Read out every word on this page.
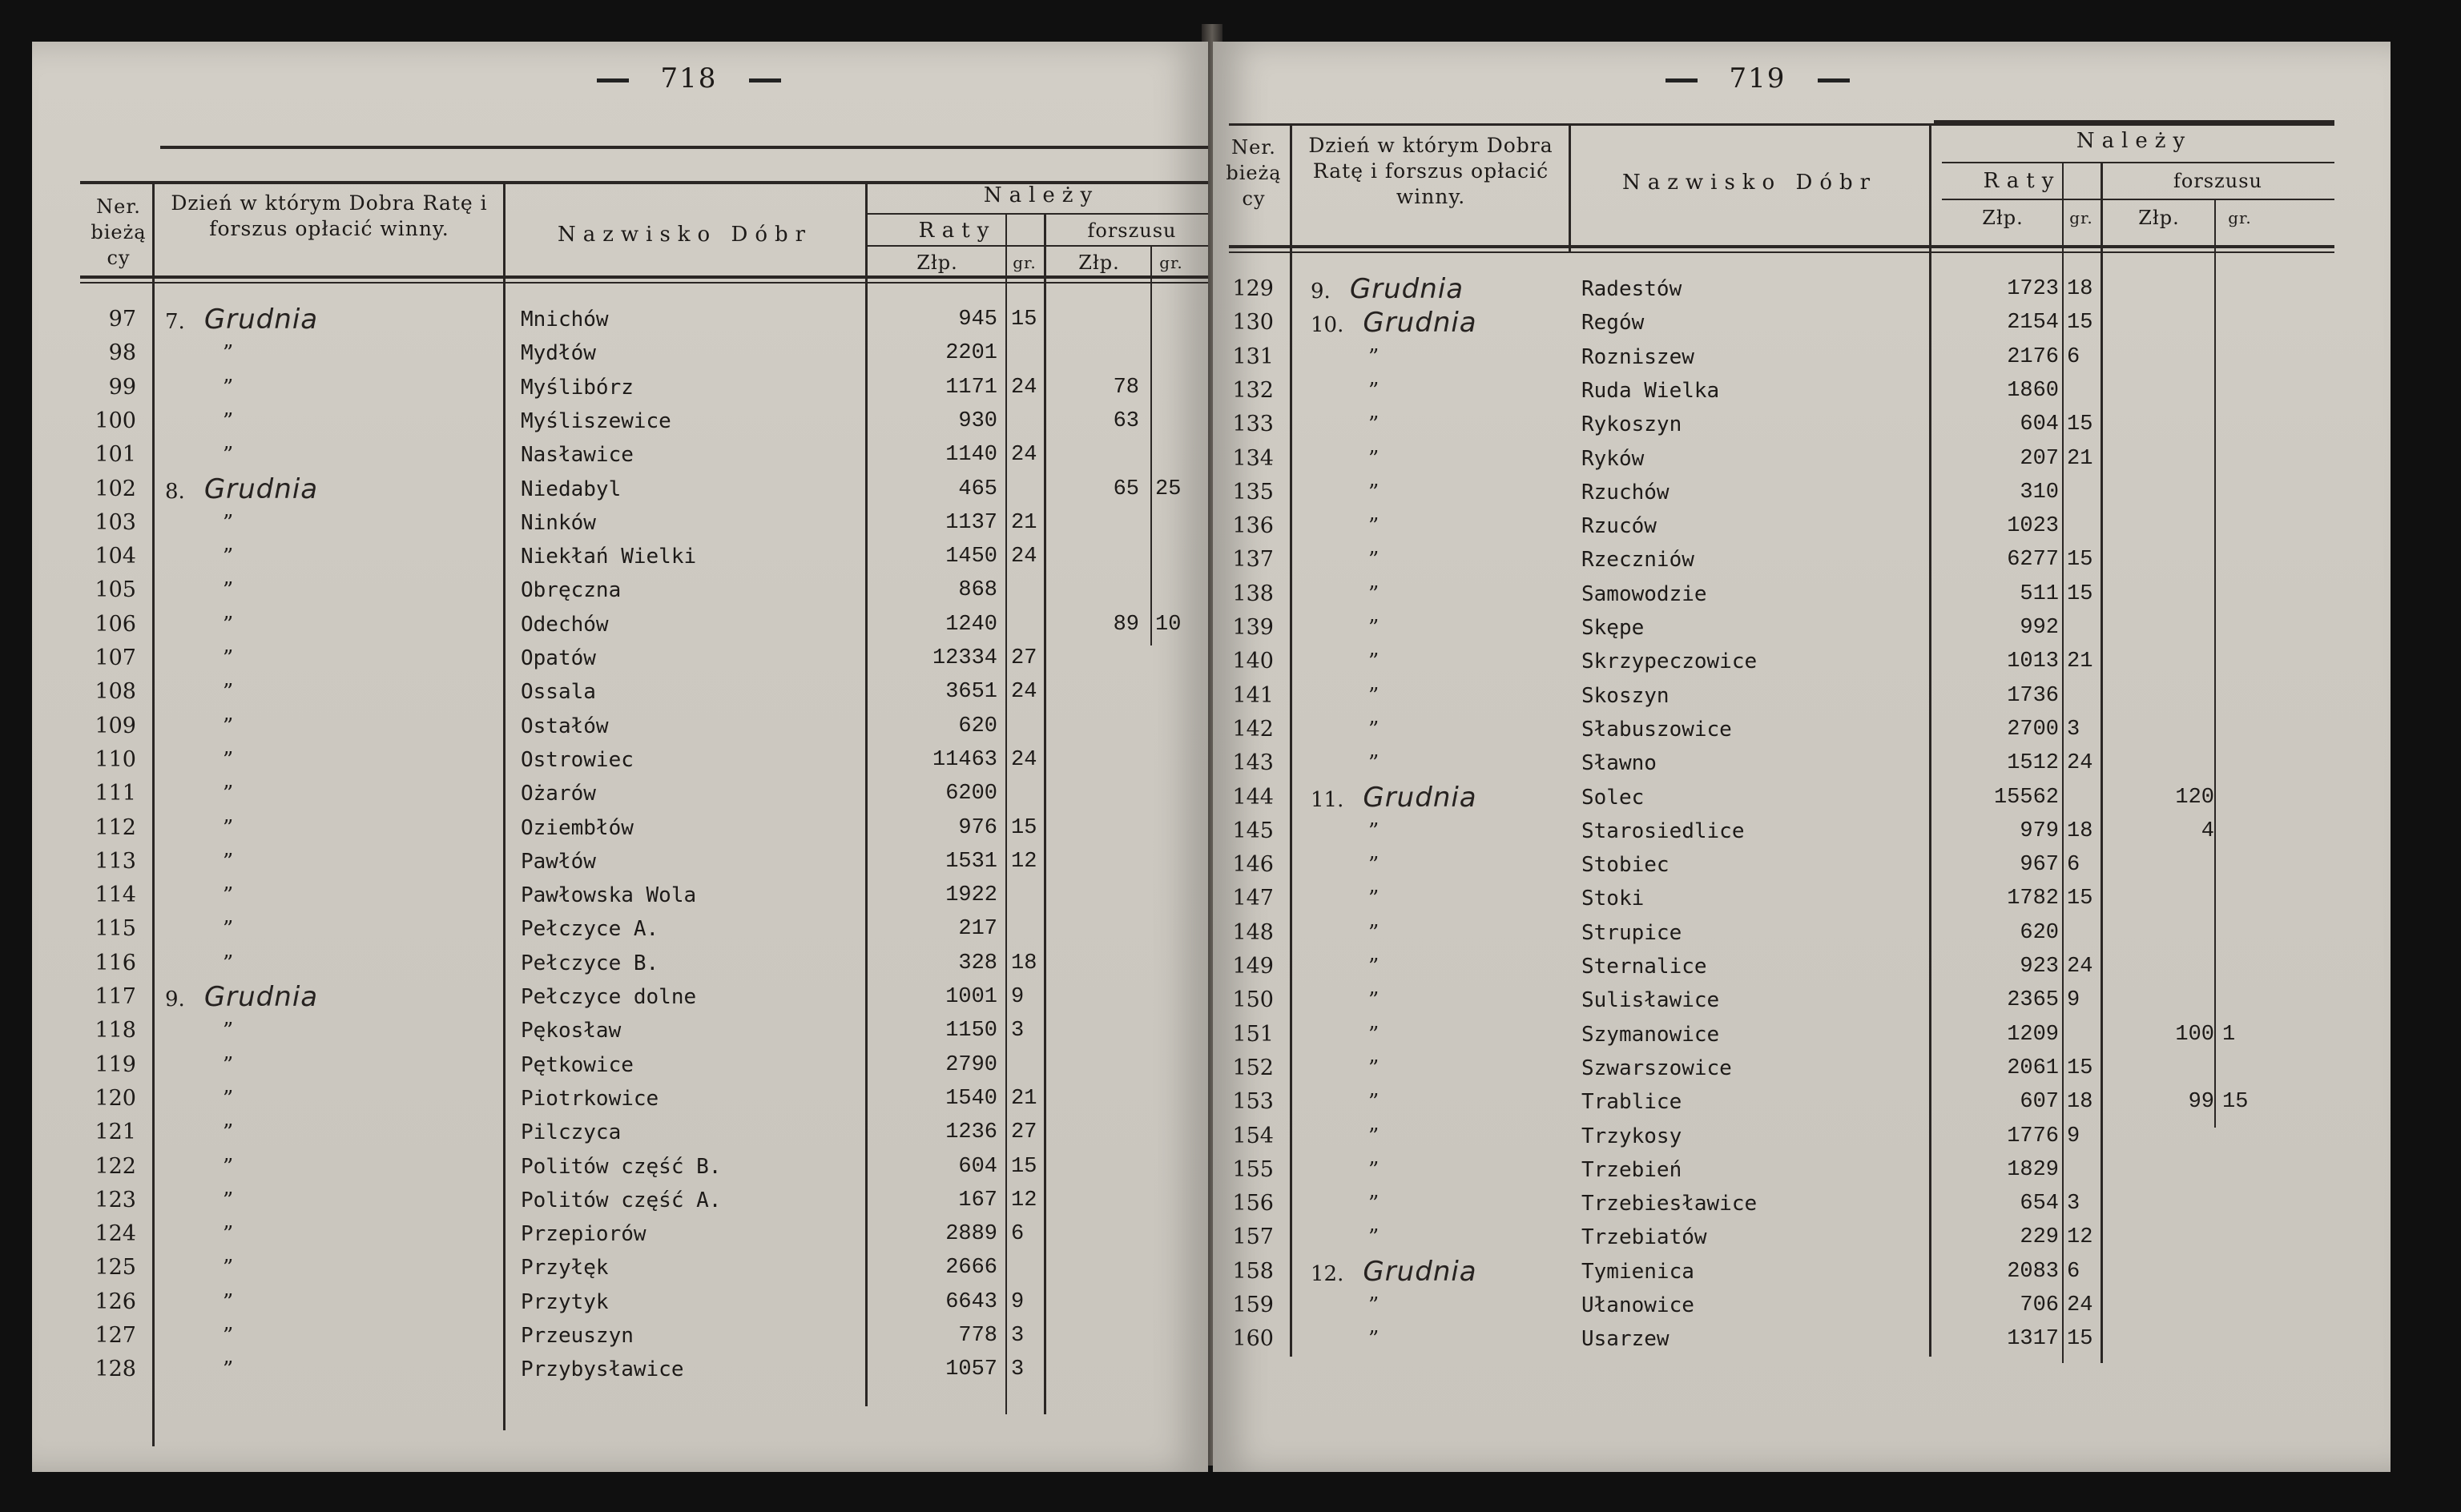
718
Ner. bieżą cy
Dzień w którym Dobra Ratę i forszus opłacić winny.	Nazwisko Dóbr
Należy
Raty	forszusu
Złp.	gr.	Złp.	gr.
97 7. Grudnia	Mnichów	945 15
98	”	Mydłów	2201
99	”	Myślibórz	1171 24	78
100	”	Myśliszewice	930	63
101	”	Nasławice	1140 24
102 8. Grudnia	Niedabyl	465	65 25
103	”	Ninków	1137 21
104	”	Niekłań Wielki	1450 24
105	”	Obręczna	868
106	”	Odechów	1240	89 10
107	”	Opatów	12334 27
108	”	Ossala	3651 24
109	”	Ostałów	620
110	”	Ostrowiec	11463 24
111	”	Ożarów	6200
112	”	Oziembłów	976 15
113	”	Pawłów	1531 12
114	”	Pawłowska Wola	1922
115	”	Pełczyce A.	217
116	”	Pełczyce B.	328 18
117 9. Grudnia	Pełczyce dolne	1001 9
118	”	Pękosław	1150 3
119	”	Pętkowice	2790
120	”	Piotrkowice	1540 21
121	”	Pilczyca	1236 27
122	”	Politów część B.	604 15
123	”	Politów część A.	167 12
124	”	Przepiorów	2889 6
125	”	Przyłęk	2666
126	”	Przytyk	6643 9
127	”	Przeuszyn	778 3
128	”	Przybysławice	1057 3
719
Ner. bieżą cy
Dzień w którym Dobra Ratę i forszus opłacić winny.
Nazwisko Dóbr
Należy
Raty	forszusu
Złp.	gr.	Złp.	gr.
129 9. Grudnia	Radestów	1723 18
130 10. Grudnia	Regów	2154 15
131	”	Rozniszew	2176 6
132	”	Ruda Wielka	1860
133	”	Rykoszyn	604 15
134	”	Ryków	207 21
135	”	Rzuchów	310
136	”	Rzuców	1023
137	”	Rzeczniów	6277 15
138	”	Samowodzie	511 15
139	”	Skępe	992
140	”	Skrzypeczowice	1013 21
141	”	Skoszyn	1736
142	”	Słabuszowice	2700 3
143	”	Sławno	1512 24
144 11. Grudnia	Solec	15562	120
145	”	Starosiedlice	979 18	4
146	”	Stobiec	967 6
147	”	Stoki	1782 15
148	”	Strupice	620
149	”	Sternalice	923 24
150	”	Sulisławice	2365 9
151	”	Szymanowice	1209	100 1
152	”	Szwarszowice	2061 15
153	”	Trablice	607 18	99 15
154	”	Trzykosy	1776 9
155	”	Trzebień	1829
156	”	Trzebiesławice	654 3
157	”	Trzebiatów	229 12
158 12. Grudnia	Tymienica	2083 6
159	”	Ułanowice	706 24
160	”	Usarzew	1317 15
